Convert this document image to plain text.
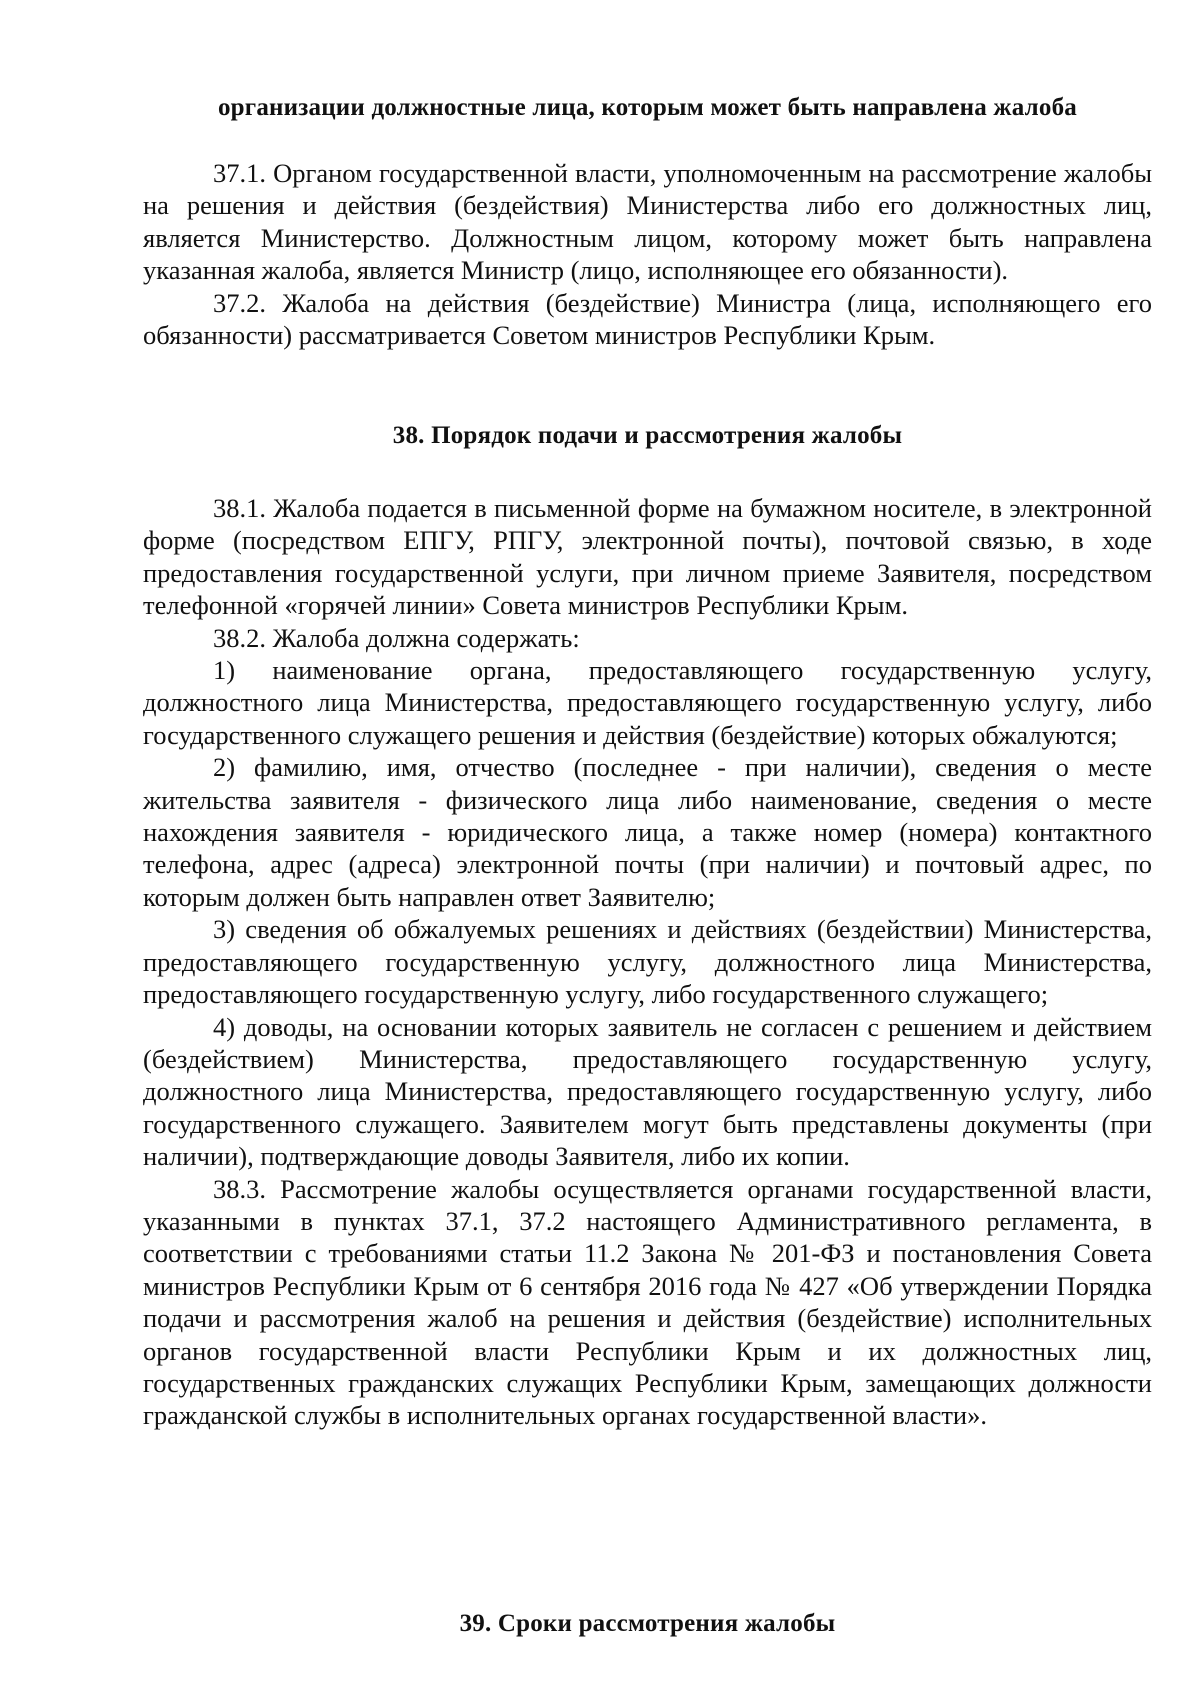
организации должностные лица, которым может быть направлена жалоба

37.1. Органом государственной власти, уполномоченным на рассмотрение жалобы на решения и действия (бездействия) Министерства либо его должностных лиц, является Министерство. Должностным лицом, которому может быть направлена указанная жалоба, является Министр (лицо, исполняющее его обязанности).

37.2. Жалоба на действия (бездействие) Министра (лица, исполняющего его обязанности) рассматривается Советом министров Республики Крым.

38. Порядок подачи и рассмотрения жалобы

38.1. Жалоба подается в письменной форме на бумажном носителе, в электронной форме (посредством ЕПГУ, РПГУ, электронной почты), почтовой связью, в ходе предоставления государственной услуги, при личном приеме Заявителя, посредством телефонной «горячей линии» Совета министров Республики Крым.

38.2. Жалоба должна содержать:

1) наименование органа, предоставляющего государственную услугу, должностного лица Министерства, предоставляющего государственную услугу, либо государственного служащего решения и действия (бездействие) которых обжалуются;

2) фамилию, имя, отчество (последнее - при наличии), сведения о месте жительства заявителя - физического лица либо наименование, сведения о месте нахождения заявителя - юридического лица, а также номер (номера) контактного телефона, адрес (адреса) электронной почты (при наличии) и почтовый адрес, по которым должен быть направлен ответ Заявителю;

3) сведения об обжалуемых решениях и действиях (бездействии) Министерства, предоставляющего государственную услугу, должностного лица Министерства, предоставляющего государственную услугу, либо государственного служащего;

4) доводы, на основании которых заявитель не согласен с решением и действием (бездействием) Министерства, предоставляющего государственную услугу, должностного лица Министерства, предоставляющего государственную услугу, либо государственного служащего. Заявителем могут быть представлены документы (при наличии), подтверждающие доводы Заявителя, либо их копии.

38.3. Рассмотрение жалобы осуществляется органами государственной власти, указанными в пунктах 37.1, 37.2 настоящего Административного регламента, в соответствии с требованиями статьи 11.2 Закона № 201-ФЗ и постановления Совета министров Республики Крым от 6 сентября 2016 года № 427 «Об утверждении Порядка подачи и рассмотрения жалоб на решения и действия (бездействие) исполнительных органов государственной власти Республики Крым и их должностных лиц, государственных гражданских служащих Республики Крым, замещающих должности гражданской службы в исполнительных органах государственной власти».

39. Сроки рассмотрения жалобы
